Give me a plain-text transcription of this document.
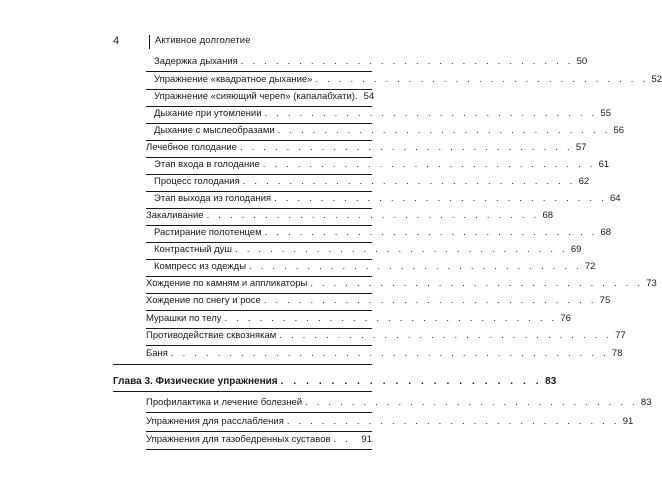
4	Активное долголетие
Задержка дыхания . . . . . . . . . . . . . . . . . . . . . . . . . . . . . 50
Упражнение «квадратное дыхание» . . . . . . . . . . . . . . . . . . . . . . . . . . . . . 52
Упражнение «сияющий череп» (капалабхати). 54
Дыхание при утомлении . . . . . . . . . . . . . . . . . . . . . . . . . . . . . 55
Дыхание с мыслеобразами . . . . . . . . . . . . . . . . . . . . . . . . . . . . . 56
Лечебное голодание . . . . . . . . . . . . . . . . . . . . . . . . . . . . . 57
Этап входа в голодание . . . . . . . . . . . . . . . . . . . . . . . . . . . . . 61
Процесс голодания . . . . . . . . . . . . . . . . . . . . . . . . . . . . . 62
Этап выхода из голодания . . . . . . . . . . . . . . . . . . . . . . . . . . . . . 64
Закаливание . . . . . . . . . . . . . . . . . . . . . . . . . . . . . 68
Растирание полотенцем . . . . . . . . . . . . . . . . . . . . . . . . . . . . . 68
Контрастный душ . . . . . . . . . . . . . . . . . . . . . . . . . . . . . 69
Компресс из одежды . . . . . . . . . . . . . . . . . . . . . . . . . . . . . 72
Хождение по камням и аппликаторы . . . . . . . . . . . . . . . . . . . . . . . . . . . . . 73
Хождение по снегу и росе . . . . . . . . . . . . . . . . . . . . . . . . . . . . . 75
Мурашки по телу . . . . . . . . . . . . . . . . . . . . . . . . . . . . . 76
Противодействие сквознякам . . . . . . . . . . . . . . . . . . . . . . . . . . . . . 77
Баня . . . . . . . . . . . . . . . . . . . . . . . . . . . . . . . . . . . . . . 78
Глава 3. Физические упражнения . . . . . . . . . . . . . . . . . . . . . 83
Профилактика и лечение болезней . . . . . . . . . . . . . . . . . . . . . . . . . . . . . 83
Упражнения для расслабления . . . . . . . . . . . . . . . . . . . . . . . . . . . . . 91
Упражнения для тазобедренных суставов . .	91
